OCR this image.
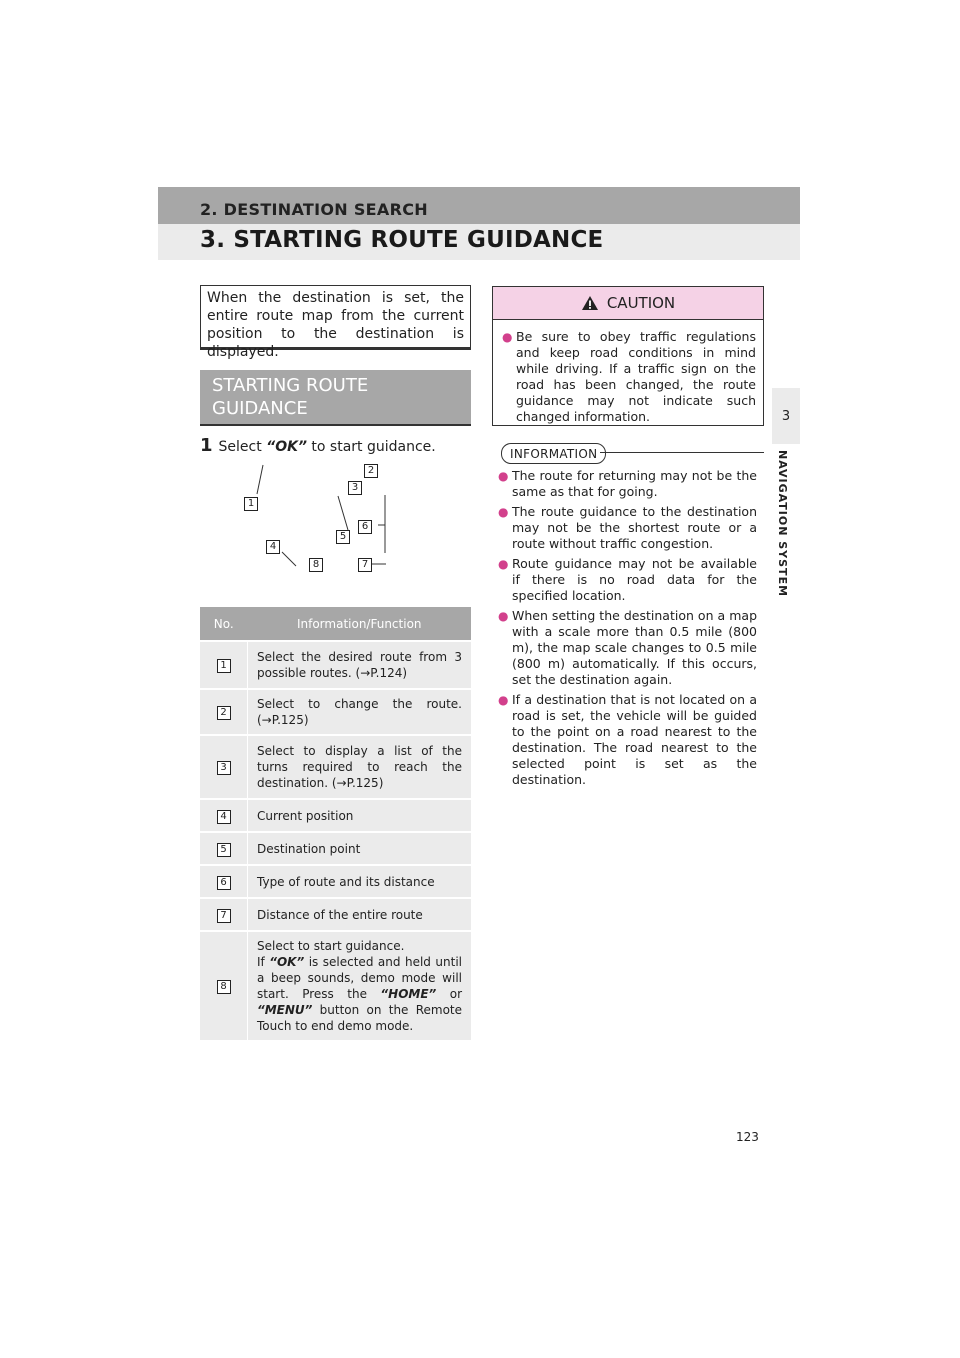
2. DESTINATION SEARCH
3. STARTING ROUTE GUIDANCE
3
NAVIGATION SYSTEM
When the destination is set, the entire route map from the current position to the destination is displayed.
STARTING ROUTE GUIDANCE
1 Select “OK” to start guidance.
1
2
3
4
5
6
7
8
No.	Information/Function
1	Select the desired route from 3 possible routes. (→P.124)
2	Select to change the route. (→P.125)
3	Select to display a list of the turns required to reach the destination. (→P.125)
4	Current position
5	Destination point
6	Type of route and its distance
7	Distance of the entire route
8	Select to start guidance.
If “OK” is selected and held until a beep sounds, demo mode will start. Press the “HOME” or “MENU” button on the Remote Touch to end demo mode.
CAUTION
● Be sure to obey traffic regulations and keep road conditions in mind while driving. If a traffic sign on the road has been changed, the route guidance may not indicate such changed information.
INFORMATION
● The route for returning may not be the same as that for going.
● The route guidance to the destination may not be the shortest route or a route without traffic congestion.
● Route guidance may not be available if there is no road data for the specified location.
● When setting the destination on a map with a scale more than 0.5 mile (800 m), the map scale changes to 0.5 mile (800 m) automatically. If this occurs, set the destination again.
● If a destination that is not located on a road is set, the vehicle will be guided to the point on a road nearest to the destination. The road nearest to the selected point is set as the destination.
123
